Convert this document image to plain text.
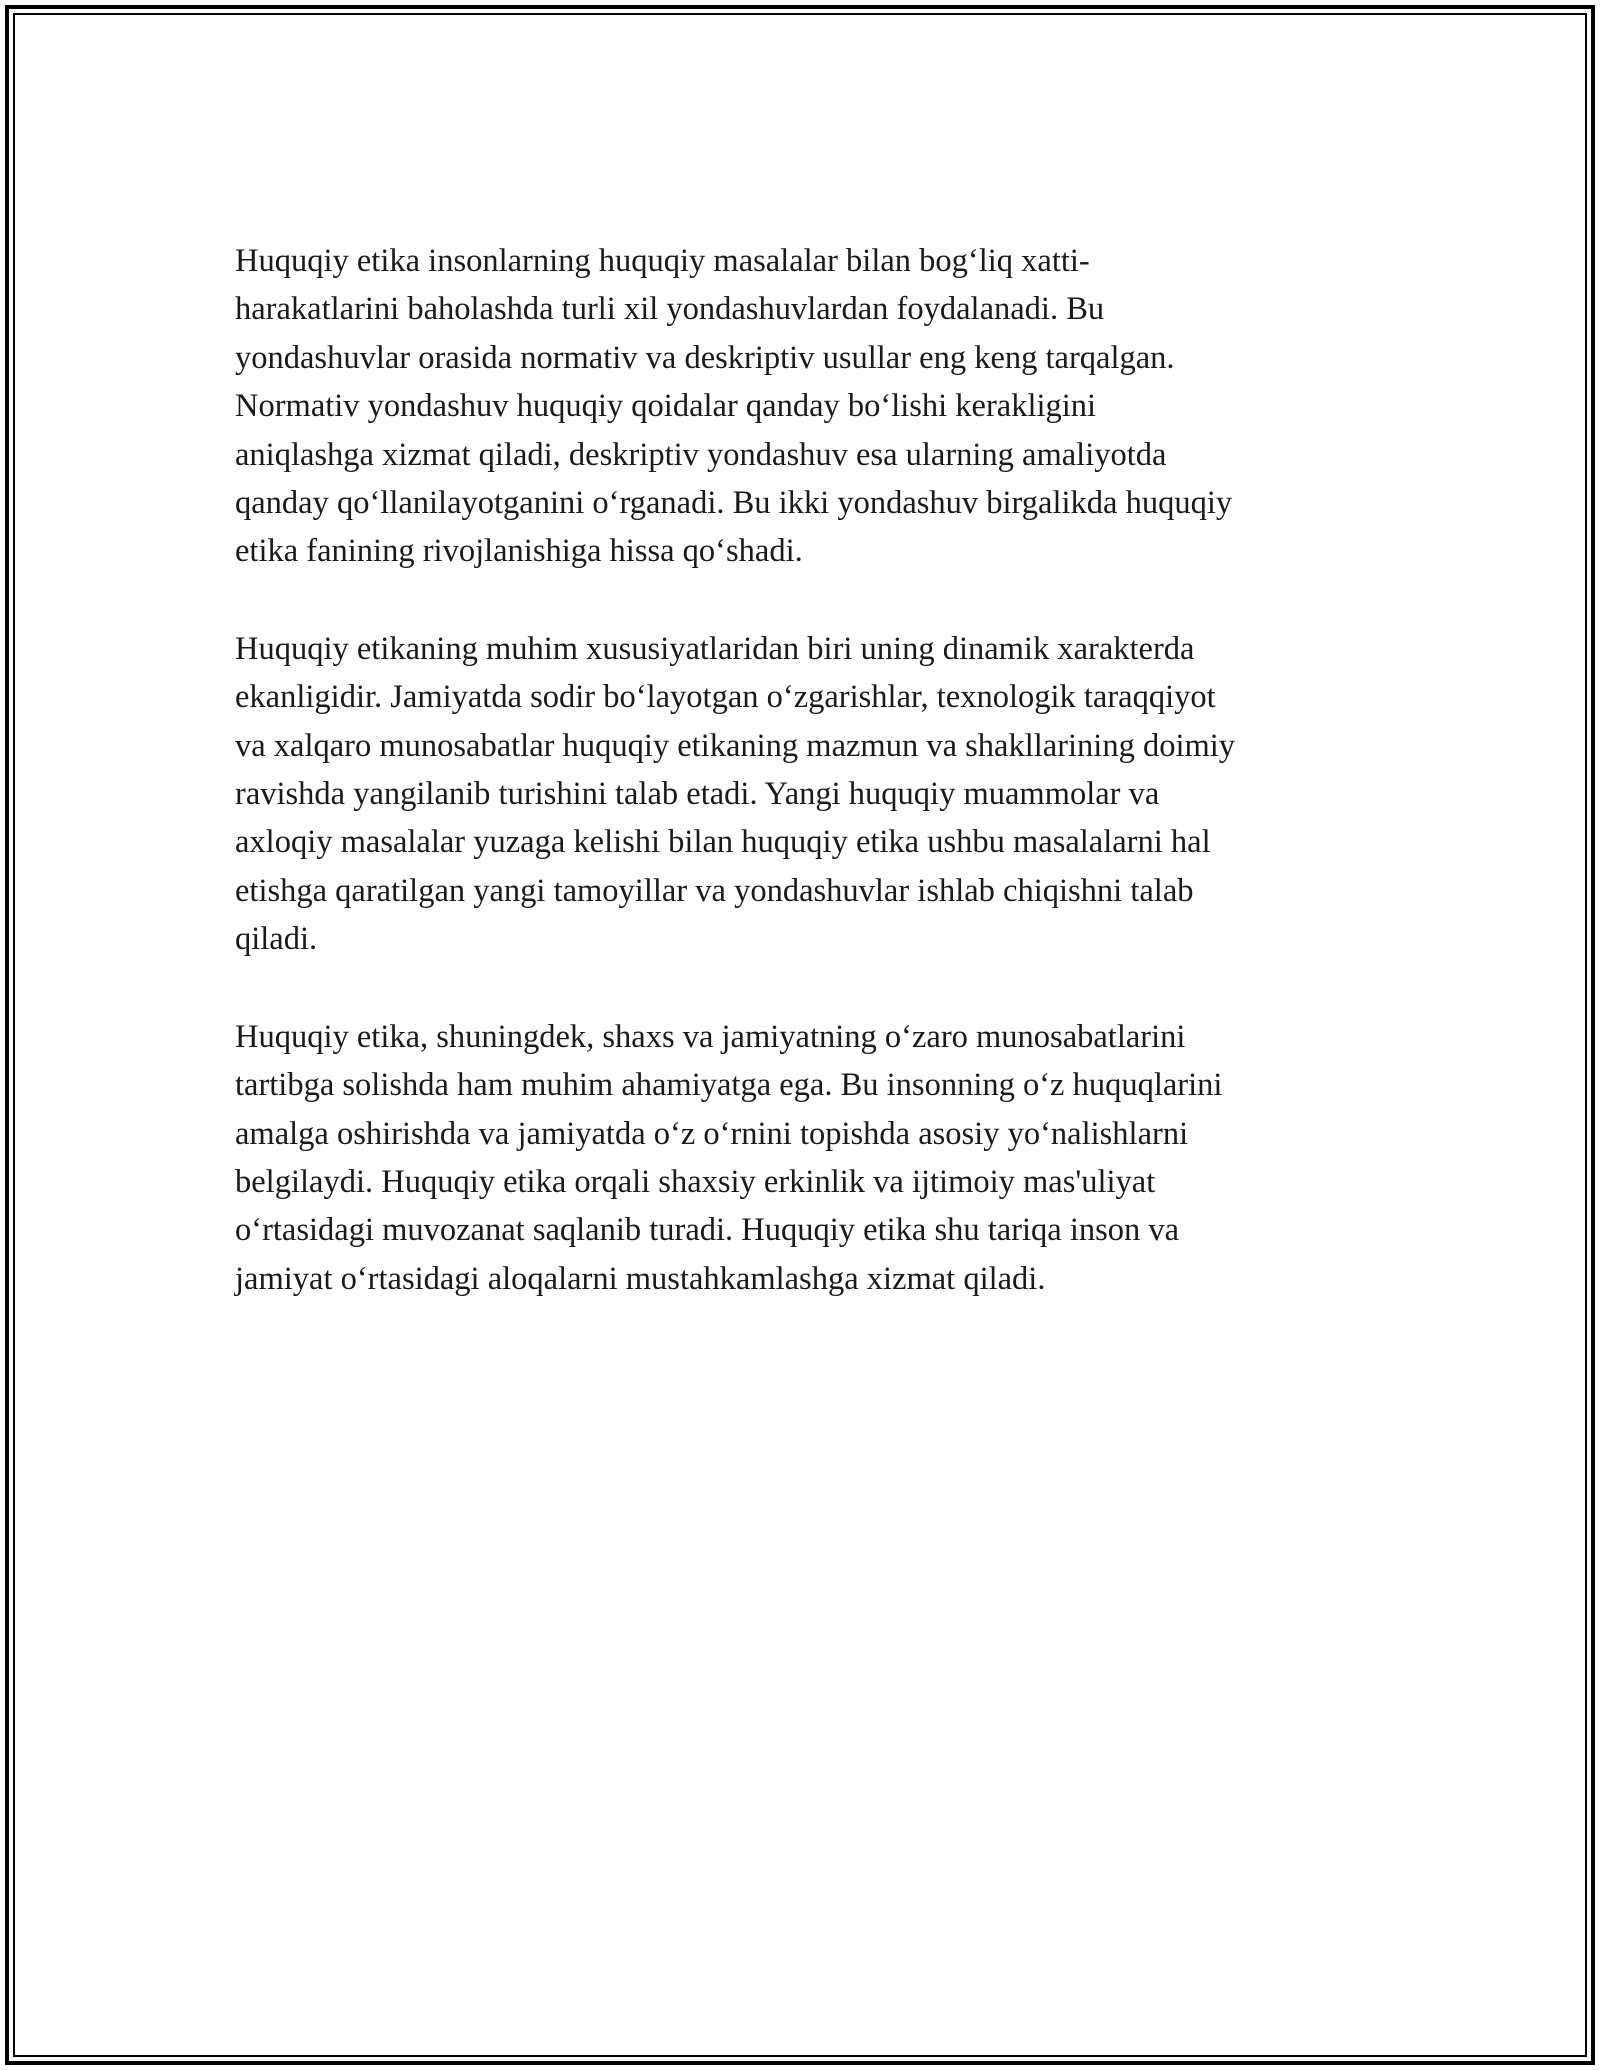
Huquqiy etika insonlarning huquqiy masalalar bilan bog‘liq xatti-
harakatlarini baholashda turli xil yondashuvlardan foydalanadi. Bu
yondashuvlar orasida normativ va deskriptiv usullar eng keng tarqalgan.
Normativ yondashuv huquqiy qoidalar qanday bo‘lishi kerakligini
aniqlashga xizmat qiladi, deskriptiv yondashuv esa ularning amaliyotda
qanday qo‘llanilayotganini o‘rganadi. Bu ikki yondashuv birgalikda huquqiy
etika fanining rivojlanishiga hissa qo‘shadi.

Huquqiy etikaning muhim xususiyatlaridan biri uning dinamik xarakterda
ekanligidir. Jamiyatda sodir bo‘layotgan o‘zgarishlar, texnologik taraqqiyot
va xalqaro munosabatlar huquqiy etikaning mazmun va shakllarining doimiy
ravishda yangilanib turishini talab etadi. Yangi huquqiy muammolar va
axloqiy masalalar yuzaga kelishi bilan huquqiy etika ushbu masalalarni hal
etishga qaratilgan yangi tamoyillar va yondashuvlar ishlab chiqishni talab
qiladi.

Huquqiy etika, shuningdek, shaxs va jamiyatning o‘zaro munosabatlarini
tartibga solishda ham muhim ahamiyatga ega. Bu insonning o‘z huquqlarini
amalga oshirishda va jamiyatda o‘z o‘rnini topishda asosiy yo‘nalishlarni
belgilaydi. Huquqiy etika orqali shaxsiy erkinlik va ijtimoiy mas'uliyat
o‘rtasidagi muvozanat saqlanib turadi. Huquqiy etika shu tariqa inson va
jamiyat o‘rtasidagi aloqalarni mustahkamlashga xizmat qiladi.
